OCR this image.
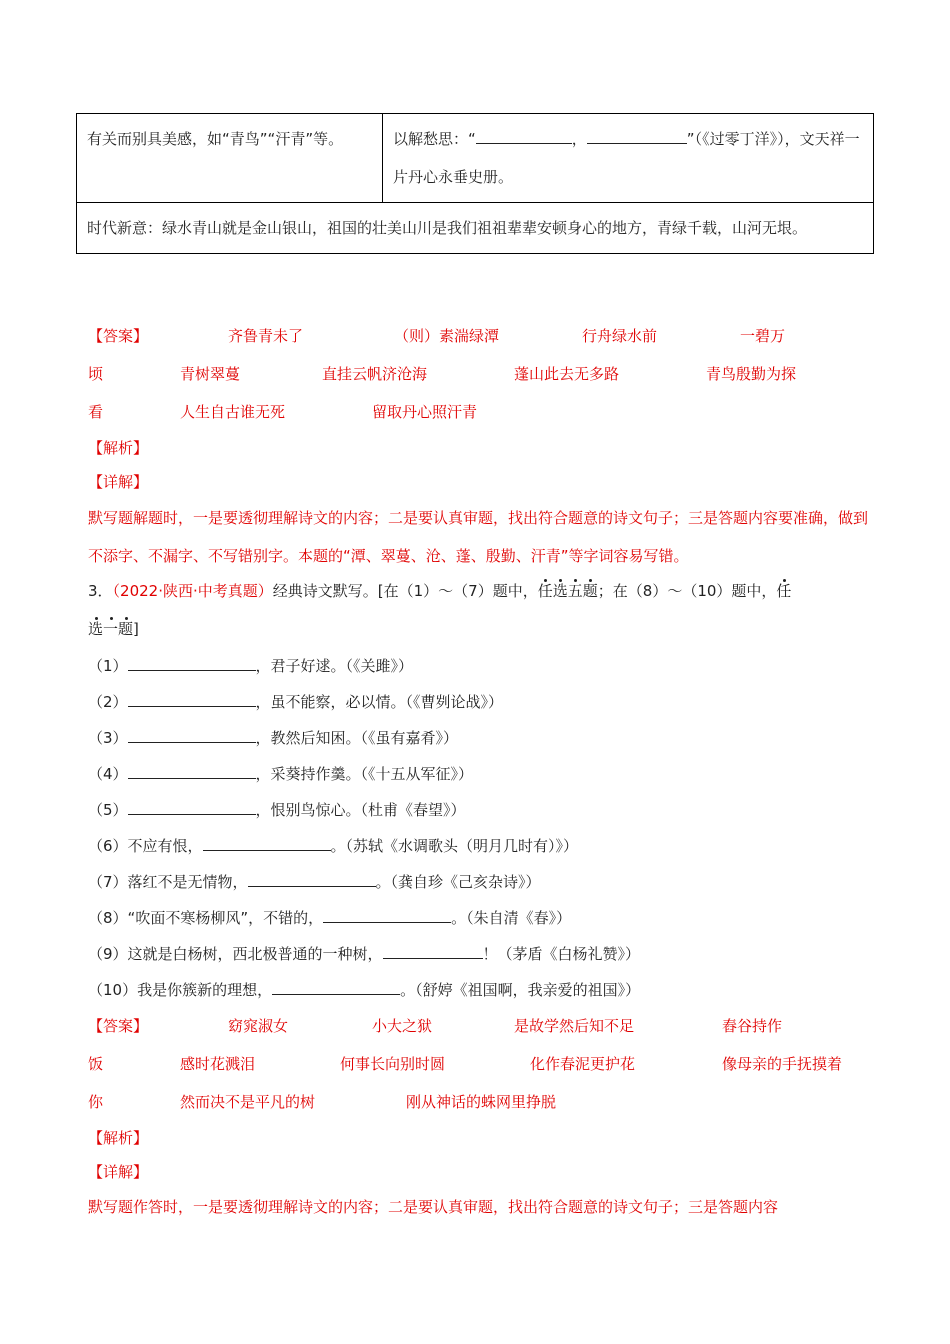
有关而别具美感，如“青鸟”“汗青”等。	以解愁思：“	，	”（《过零丁洋》），文天祥一片丹心永垂史册。
时代新意：绿水青山就是金山银山，祖国的壮美山川是我们祖祖辈辈安顿身心的地方，青绿千载，山河无垠。
【答案】	齐鲁青未了	（则）素湍绿潭	行舟绿水前	一碧万
顷	青树翠蔓	直挂云帆济沧海	蓬山此去无多路	青鸟殷勤为探
看	人生自古谁无死	留取丹心照汗青
【解析】
【详解】
默写题解题时，一是要透彻理解诗文的内容；二是要认真审题，找出符合题意的诗文句子；三是答题内容要准确，做到不添字、不漏字、不写错别字。本题的“潭、翠蔓、沧、蓬、殷勤、汗青”等字词容易写错。
3．（2022·陕西·中考真题）经典诗文默写。[在（1）～（7）题中，任选五题；在（8）～（10）题中，任
选一题]
（1）	，君子好逑。（《关雎》）
（2）	，虽不能察，必以情。（《曹刿论战》）
（3）	，教然后知困。（《虽有嘉肴》）
（4）	，采葵持作羹。（《十五从军征》）
（5）	，恨别鸟惊心。（杜甫《春望》）
（6）不应有恨，	。（苏轼《水调歌头（明月几时有）》）
（7）落红不是无情物，	。（龚自珍《己亥杂诗》）
（8）“吹面不寒杨柳风”，不错的，	。（朱自清《春》）
（9）这就是白杨树，西北极普通的一种树，	！（茅盾《白杨礼赞》）
（10）我是你簇新的理想，	。（舒婷《祖国啊，我亲爱的祖国》）
【答案】	窈窕淑女	小大之狱	是故学然后知不足	舂谷持作
饭	感时花溅泪	何事长向别时圆	化作春泥更护花	像母亲的手抚摸着
你	然而决不是平凡的树	刚从神话的蛛网里挣脱
【解析】
【详解】
默写题作答时，一是要透彻理解诗文的内容；二是要认真审题，找出符合题意的诗文句子；三是答题内容
